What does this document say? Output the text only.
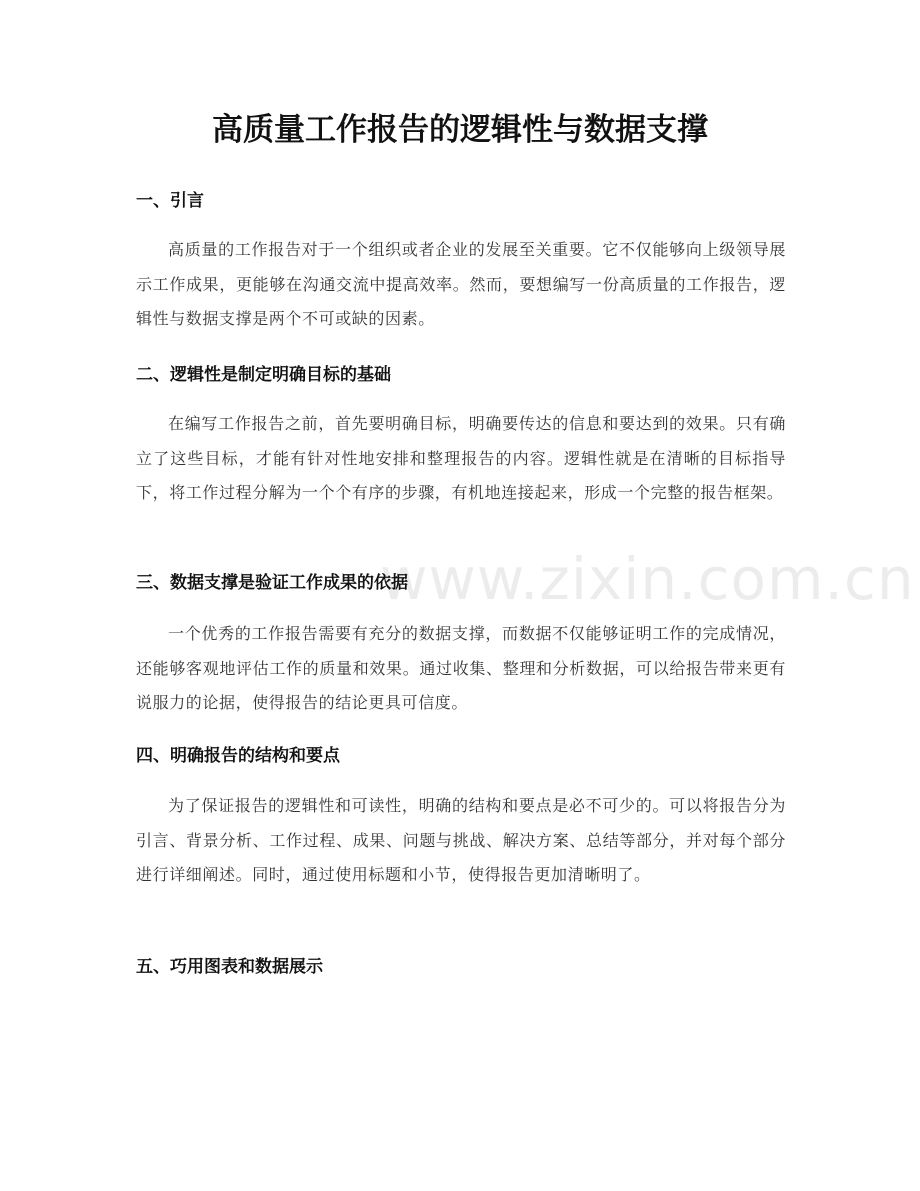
高质量工作报告的逻辑性与数据支撑
www.zixin.com.cn
一、引言

高质量的工作报告对于一个组织或者企业的发展至关重要。它不仅能够向上级领导展示工作成果，更能够在沟通交流中提高效率。然而，要想编写一份高质量的工作报告，逻辑性与数据支撑是两个不可或缺的因素。

二、逻辑性是制定明确目标的基础

在编写工作报告之前，首先要明确目标，明确要传达的信息和要达到的效果。只有确立了这些目标，才能有针对性地安排和整理报告的内容。逻辑性就是在清晰的目标指导下，将工作过程分解为一个个有序的步骤，有机地连接起来，形成一个完整的报告框架。

三、数据支撑是验证工作成果的依据

一个优秀的工作报告需要有充分的数据支撑，而数据不仅能够证明工作的完成情况，还能够客观地评估工作的质量和效果。通过收集、整理和分析数据，可以给报告带来更有说服力的论据，使得报告的结论更具可信度。

四、明确报告的结构和要点

为了保证报告的逻辑性和可读性，明确的结构和要点是必不可少的。可以将报告分为引言、背景分析、工作过程、成果、问题与挑战、解决方案、总结等部分，并对每个部分进行详细阐述。同时，通过使用标题和小节，使得报告更加清晰明了。

五、巧用图表和数据展示
